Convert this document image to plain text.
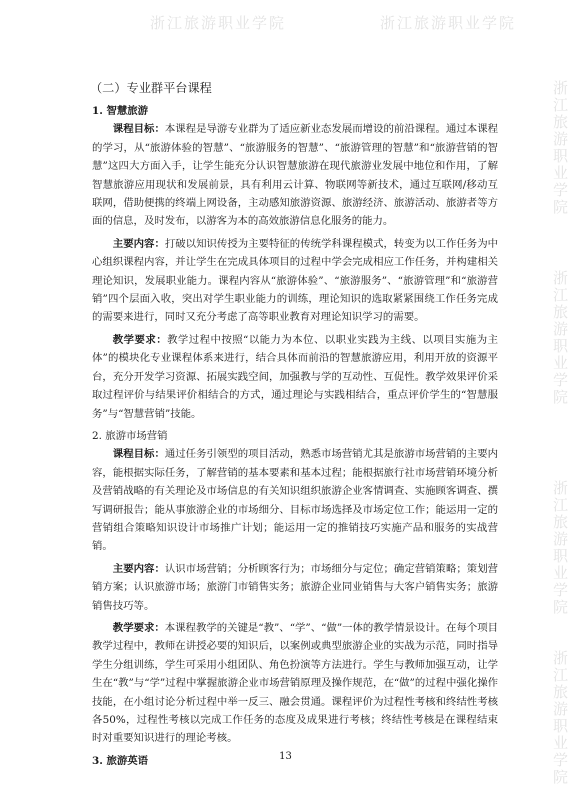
浙江旅游职业学院	浙江旅游职业学院
浙江旅游职业学院
浙江旅游职业学院
浙江旅游职业学院
浙江旅游职业学院
（二）专业群平台课程
1. 智慧旅游

课程目标：本课程是导游专业群为了适应新业态发展而增设的前沿课程。通过本课程的学习，从“旅游体验的智慧”、“旅游服务的智慧”、“旅游管理的智慧”和“旅游营销的智慧”这四大方面入手，让学生能充分认识智慧旅游在现代旅游业发展中地位和作用，了解智慧旅游应用现状和发展前景，具有利用云计算、物联网等新技术，通过互联网/移动互联网，借助便携的终端上网设备，主动感知旅游资源、旅游经济、旅游活动、旅游者等方面的信息，及时发布，以游客为本的高效旅游信息化服务的能力。

主要内容：打破以知识传授为主要特征的传统学科课程模式，转变为以工作任务为中心组织课程内容，并让学生在完成具体项目的过程中学会完成相应工作任务，并构建相关理论知识，发展职业能力。课程内容从“旅游体验”、“旅游服务”、“旅游管理”和“旅游营销”四个层面入收，突出对学生职业能力的训练，理论知识的选取紧紧围绕工作任务完成的需要来进行，同时又充分考虑了高等职业教育对理论知识学习的需要。

教学要求：教学过程中按照“以能力为本位、以职业实践为主线、以项目实施为主体”的模块化专业课程体系来进行，结合具体而前沿的智慧旅游应用，利用开放的资源平台，充分开发学习资源、拓展实践空间，加强教与学的互动性、互促性。教学效果评价采取过程评价与结果评价相结合的方式，通过理论与实践相结合，重点评价学生的“智慧服务”与“智慧营销”技能。

2. 旅游市场营销

课程目标：通过任务引领型的项目活动，熟悉市场营销尤其是旅游市场营销的主要内容，能根据实际任务，了解营销的基本要素和基本过程；能根据旅行社市场营销环境分析及营销战略的有关理论及市场信息的有关知识组织旅游企业客情调查、实施顾客调查、撰写调研报告；能从事旅游企业的市场细分、目标市场选择及市场定位工作；能运用一定的营销组合策略知识设计市场推广计划；能运用一定的推销技巧实施产品和服务的实战营销。

主要内容：认识市场营销；分析顾客行为；市场细分与定位；确定营销策略；策划营销方案；认识旅游市场；旅游门市销售实务；旅游企业同业销售与大客户销售实务；旅游销售技巧等。

教学要求：本课程教学的关键是“教”、“学”、“做”一体的教学情景设计。在每个项目教学过程中，教师在讲授必要的知识后，以案例或典型旅游企业的实战为示范，同时指导学生分组训练，学生可采用小组团队、角色扮演等方法进行。学生与教师加强互动，让学生在“教”与“学”过程中掌握旅游企业市场营销原理及操作规范，在“做”的过程中强化操作技能，在小组讨论分析过程中举一反三、融会贯通。课程评价为过程性考核和终结性考核各50%，过程性考核以完成工作任务的态度及成果进行考核；终结性考核是在课程结束时对重要知识进行的理论考核。

3. 旅游英语	13
